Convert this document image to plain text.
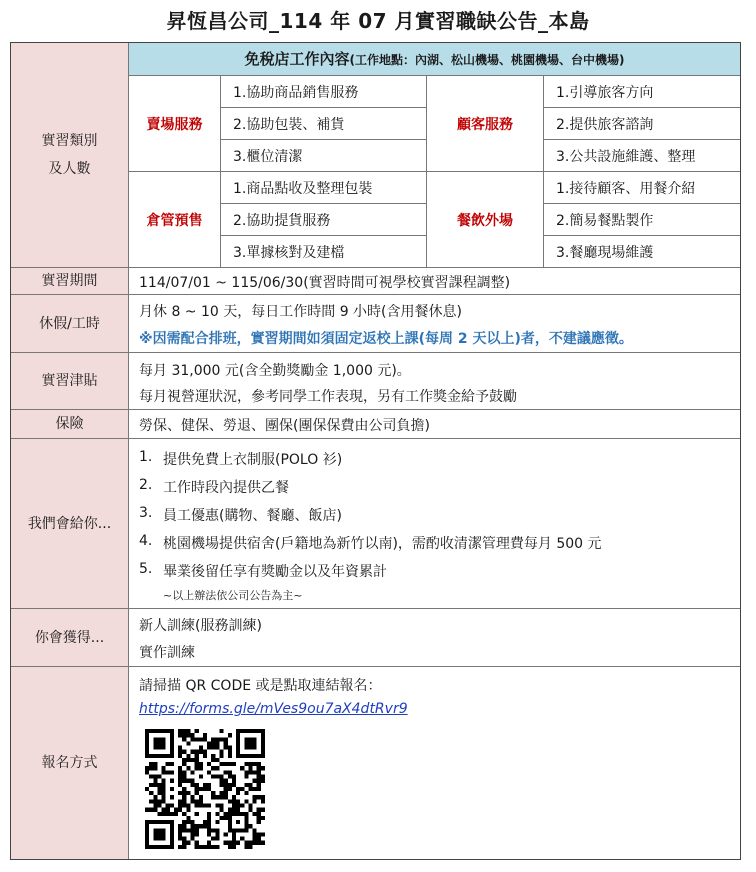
昇恆昌公司_114 年 07 月實習職缺公告_本島
實習類別
及人數
免稅店工作內容(工作地點：內湖、松山機場、桃園機場、台中機場)
賣場服務
1.協助商品銷售服務
2.協助包裝、補貨
3.櫃位清潔
顧客服務
1.引導旅客方向
2.提供旅客諮詢
3.公共設施維護、整理
倉管預售
1.商品點收及整理包裝
2.協助提貨服務
3.單據核對及建檔
餐飲外場
1.接待顧客、用餐介紹
2.簡易餐點製作
3.餐廳現場維護
實習期間	114/07/01 ~ 115/06/30(實習時間可視學校實習課程調整)
休假/工時
月休 8 ~ 10 天，每日工作時間 9 小時(含用餐休息)
※因需配合排班，實習期間如須固定返校上課(每周 2 天以上)者，不建議應徵。
實習津貼
每月 31,000 元(含全勤獎勵金 1,000 元)。
每月視營運狀況，參考同學工作表現，另有工作獎金給予鼓勵
保險	勞保、健保、勞退、團保(團保保費由公司負擔)
我們會給你...
1. 提供免費上衣制服(POLO 衫)
2. 工作時段內提供乙餐
3. 員工優惠(購物、餐廳、飯店)
4. 桃園機場提供宿舍(戶籍地為新竹以南)，需酌收清潔管理費每月 500 元
5. 畢業後留任享有獎勵金以及年資累計
~以上辦法依公司公告為主~
你會獲得...
新人訓練(服務訓練)
實作訓練
報名方式
請掃描 QR CODE 或是點取連結報名：
https://forms.gle/mVes9ou7aX4dtRvr9
